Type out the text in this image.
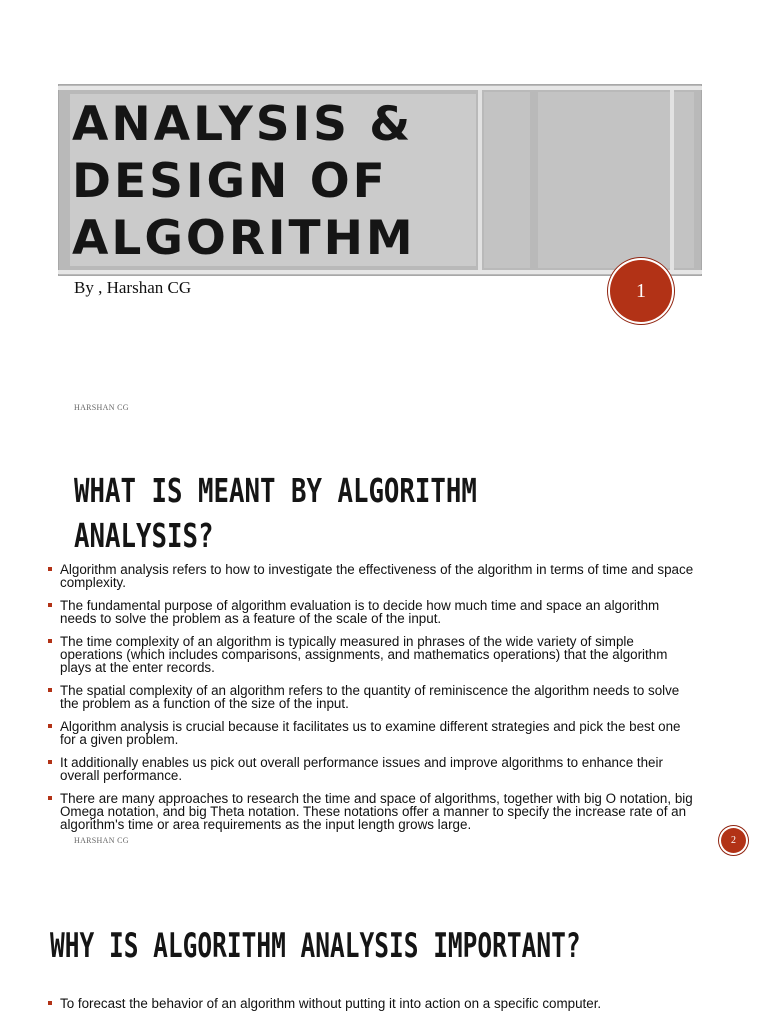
ANALYSIS &
DESIGN OF
ALGORITHM
By , Harshan CG	1
HARSHAN CG
WHAT IS MEANT BY ALGORITHM ANALYSIS?
Algorithm analysis refers to how to investigate the effectiveness of the algorithm in terms of time and space complexity.
The fundamental purpose of algorithm evaluation is to decide how much time and space an algorithm needs to solve the problem as a feature of the scale of the input.
The time complexity of an algorithm is typically measured in phrases of the wide variety of simple operations (which includes comparisons, assignments, and mathematics operations) that the algorithm plays at the enter records.
The spatial complexity of an algorithm refers to the quantity of reminiscence the algorithm needs to solve the problem as a function of the size of the input.
Algorithm analysis is crucial because it facilitates us to examine different strategies and pick the best one for a given problem.
It additionally enables us pick out overall performance issues and improve algorithms to enhance their overall performance.
There are many approaches to research the time and space of algorithms, together with big O notation, big Omega notation, and big Theta notation. These notations offer a manner to specify the increase rate of an algorithm's time or area requirements as the input length grows large.
HARSHAN CG	2
WHY IS ALGORITHM ANALYSIS IMPORTANT?
To forecast the behavior of an algorithm without putting it into action on a specific computer.
